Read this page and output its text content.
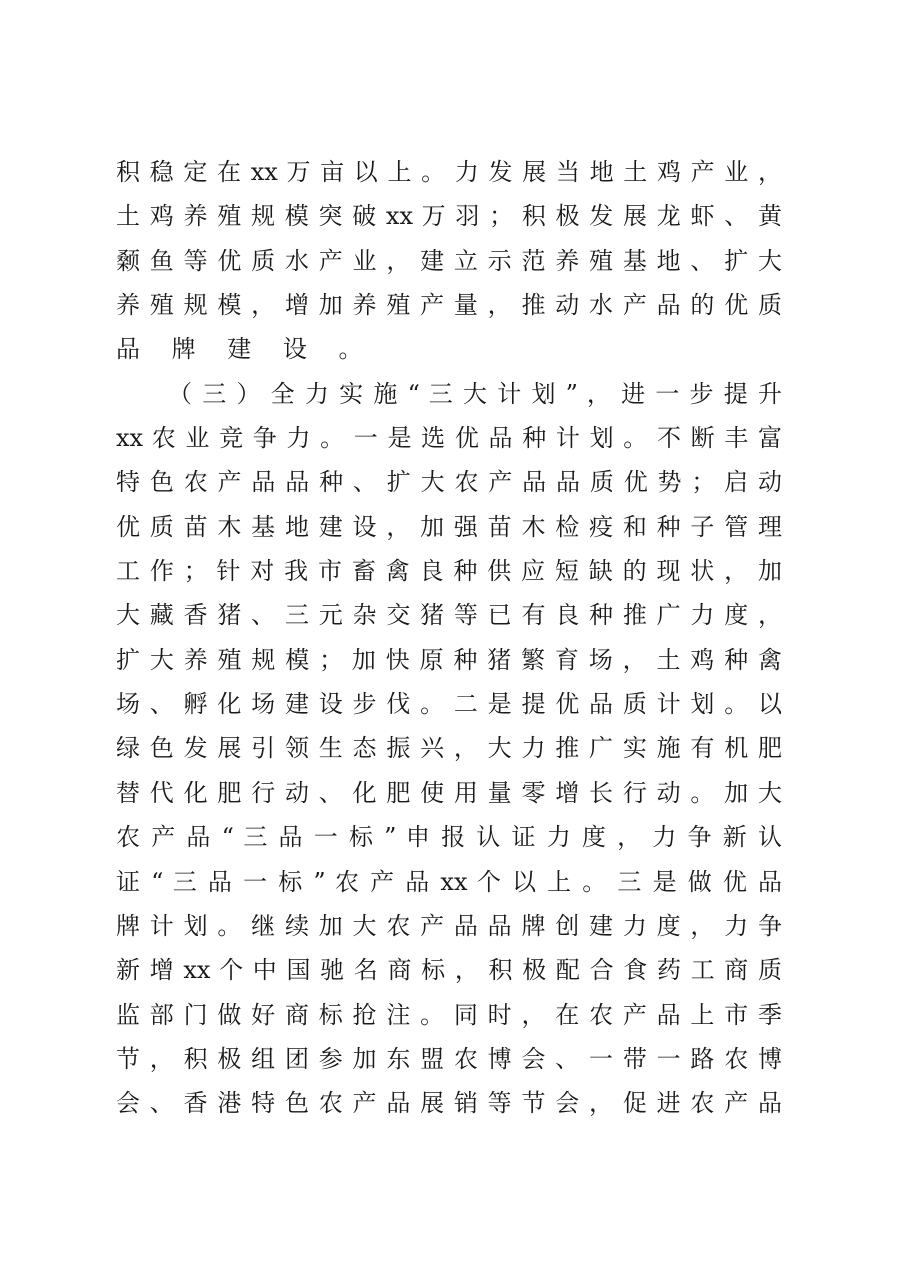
积 稳 定 在 xx 万 亩 以 上 。 力 发 展 当 地 土 鸡 产 业 ，
土 鸡 养 殖 规 模 突 破 xx 万 羽 ； 积 极 发 展 龙 虾 、 黄
颡 鱼 等 优 质 水 产 业 ， 建 立 示 范 养 殖 基 地 、 扩 大
养 殖 规 模 ， 增 加 养 殖 产 量 ， 推 动 水 产 品 的 优 质
品 牌 建 设 。
（ 三 ） 全 力 实 施 “ 三 大 计 划 ” ， 进 一 步 提 升
xx 农 业 竞 争 力 。 一 是 选 优 品 种 计 划 。 不 断 丰 富
特 色 农 产 品 品 种 、 扩 大 农 产 品 品 质 优 势 ； 启 动
优 质 苗 木 基 地 建 设 ， 加 强 苗 木 检 疫 和 种 子 管 理
工 作 ； 针 对 我 市 畜 禽 良 种 供 应 短 缺 的 现 状 ， 加
大 藏 香 猪 、 三 元 杂 交 猪 等 已 有 良 种 推 广 力 度 ，
扩 大 养 殖 规 模 ； 加 快 原 种 猪 繁 育 场 ， 土 鸡 种 禽
场 、 孵 化 场 建 设 步 伐 。 二 是 提 优 品 质 计 划 。 以
绿 色 发 展 引 领 生 态 振 兴 ， 大 力 推 广 实 施 有 机 肥
替 代 化 肥 行 动 、 化 肥 使 用 量 零 增 长 行 动 。 加 大
农 产 品 “ 三 品 一 标 ” 申 报 认 证 力 度 ， 力 争 新 认
证 “ 三 品 一 标 ” 农 产 品 xx 个 以 上 。 三 是 做 优 品
牌 计 划 。 继 续 加 大 农 产 品 品 牌 创 建 力 度 ， 力 争
新 增 xx 个 中 国 驰 名 商 标 ， 积 极 配 合 食 药 工 商 质
监 部 门 做 好 商 标 抢 注 。 同 时 ， 在 农 产 品 上 市 季
节 ， 积 极 组 团 参 加 东 盟 农 博 会 、 一 带 一 路 农 博
会 、 香 港 特 色 农 产 品 展 销 等 节 会 ， 促 进 农 产 品
